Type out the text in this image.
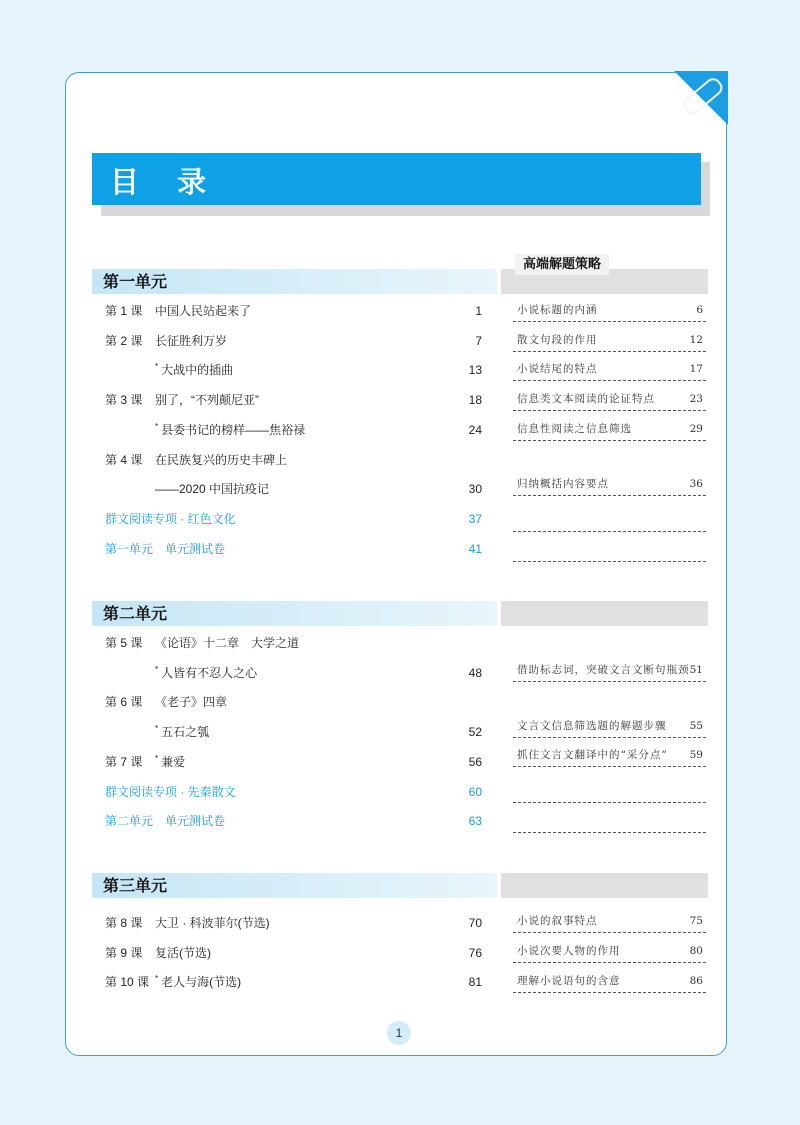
目 录
高端解题策略
第一单元
第二单元
第三单元
第 1 课 中国人民站起来了	1
第 2 课 长征胜利万岁	7
* 大战中的插曲	13
第 3 课 别了，“不列颠尼亚”	18
* 县委书记的榜样——焦裕禄	24
第 4 课 在民族复兴的历史丰碑上
——2020 中国抗疫记	30
群文阅读专项 · 红色文化	37
第一单元　单元测试卷	41
第 5 课 《论语》十二章　大学之道
* 人皆有不忍人之心	48
第 6 课 《老子》四章
* 五石之瓠	52
第 7 课 * 兼爱	56
群文阅读专项 · 先秦散文	60
第二单元　单元测试卷	63
第 8 课 大卫 · 科波菲尔(节选)	70
第 9 课 复活(节选)	76
第 10 课 * 老人与海(节选)	81
小说标题的内涵	6
散文句段的作用	12
小说结尾的特点	17
信息类文本阅读的论证特点	23
信息性阅读之信息筛选	29
归纳概括内容要点	36
借助标志词，突破文言文断句瓶颈 51
文言文信息筛选题的解题步骤 55
抓住文言文翻译中的“采分点” 59
小说的叙事特点	75
小说次要人物的作用	80
理解小说语句的含意	86
1
